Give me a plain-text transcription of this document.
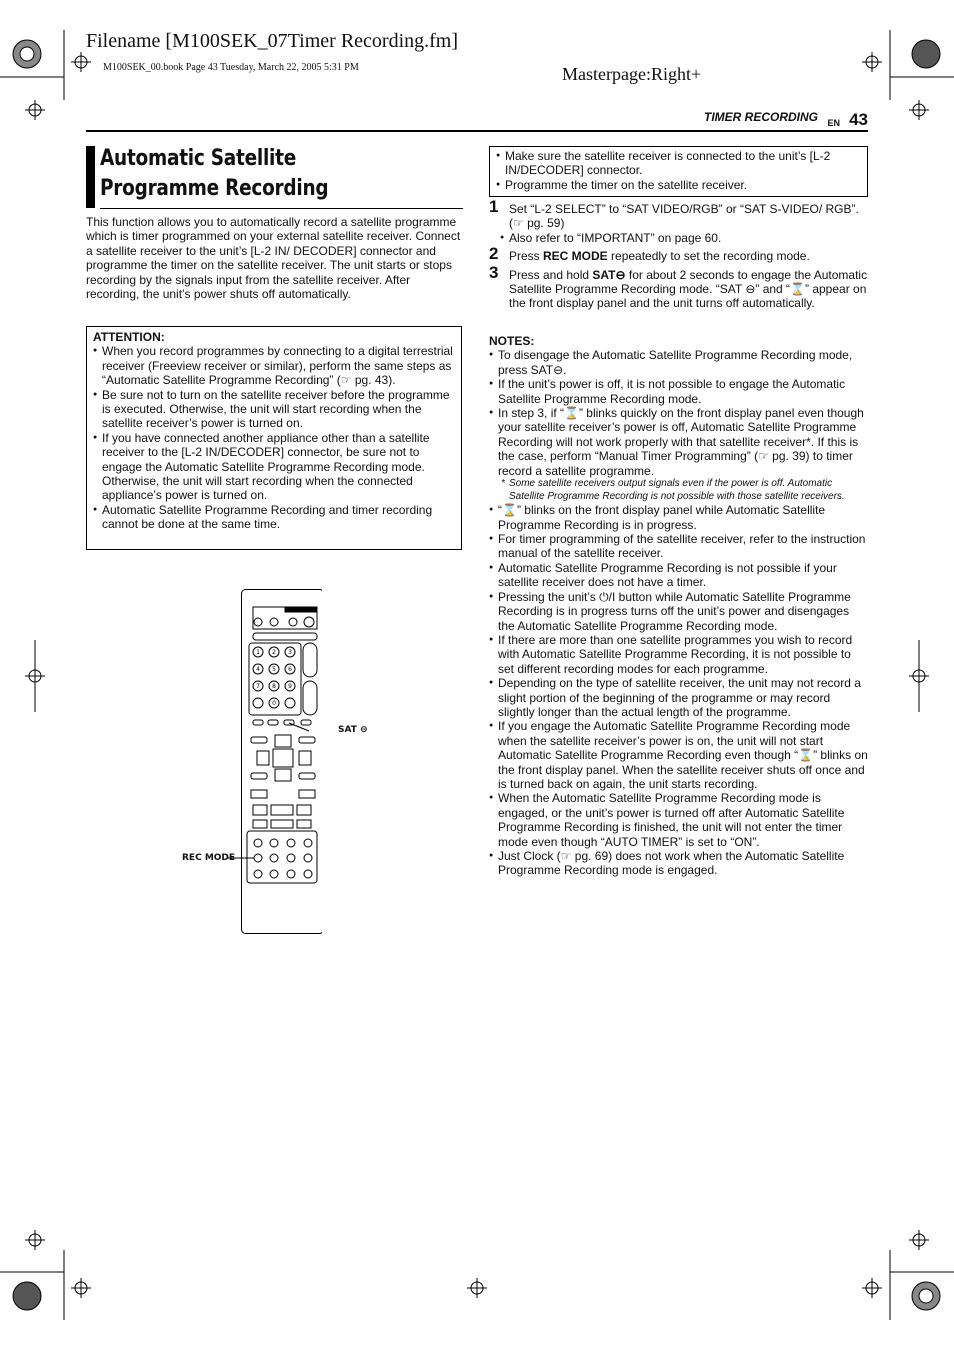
Filename [M100SEK_07Timer Recording.fm]
M100SEK_00.book Page 43 Tuesday, March 22, 2005 5:31 PM	Masterpage:Right+
TIMER RECORDING EN 43
Automatic Satellite Programme Recording
This function allows you to automatically record a satellite programme which is timer programmed on your external satellite receiver. Connect a satellite receiver to the unit’s [L-2 IN/ DECODER] connector and programme the timer on the satellite receiver. The unit starts or stops recording by the signals input from the satellite receiver. After recording, the unit’s power shuts off automatically.
ATTENTION:
● When you record programmes by connecting to a digital terrestrial receiver (Freeview receiver or similar), perform the same steps as “Automatic Satellite Programme Recording” (☞ pg. 43).
● Be sure not to turn on the satellite receiver before the programme is executed. Otherwise, the unit will start recording when the satellite receiver’s power is turned on.
● If you have connected another appliance other than a satellite receiver to the [L-2 IN/DECODER] connector, be sure not to engage the Automatic Satellite Programme Recording mode. Otherwise, the unit will start recording when the connected appliance’s power is turned on.
● Automatic Satellite Programme Recording and timer recording cannot be done at the same time.
1 2 3
4 5 6
7 8 9
0
SAT ⊖
REC MODE
● Make sure the satellite receiver is connected to the unit’s [L-2 IN/DECODER] connector.
● Programme the timer on the satellite receiver.
1 Set “L-2 SELECT” to “SAT VIDEO/RGB” or “SAT S-VIDEO/ RGB”. (☞ pg. 59)
● Also refer to “IMPORTANT” on page 60.
2 Press REC MODE repeatedly to set the recording mode.
3 Press and hold SAT⊖ for about 2 seconds to engage the Automatic Satellite Programme Recording mode. “SAT ⊖” and “⌛” appear on the front display panel and the unit turns off automatically.
NOTES:
● To disengage the Automatic Satellite Programme Recording mode, press SAT⊖.
● If the unit’s power is off, it is not possible to engage the Automatic Satellite Programme Recording mode.
● In step 3, if “⌛” blinks quickly on the front display panel even though your satellite receiver’s power is off, Automatic Satellite Programme Recording will not work properly with that satellite receiver*. If this is the case, perform “Manual Timer Programming” (☞ pg. 39) to timer record a satellite programme.
* Some satellite receivers output signals even if the power is off. Automatic Satellite Programme Recording is not possible with those satellite receivers.
● “⌛” blinks on the front display panel while Automatic Satellite Programme Recording is in progress.
● For timer programming of the satellite receiver, refer to the instruction manual of the satellite receiver.
● Automatic Satellite Programme Recording is not possible if your satellite receiver does not have a timer.
● Pressing the unit’s ⏻/I button while Automatic Satellite Programme Recording is in progress turns off the unit’s power and disengages the Automatic Satellite Programme Recording mode.
● If there are more than one satellite programmes you wish to record with Automatic Satellite Programme Recording, it is not possible to set different recording modes for each programme.
● Depending on the type of satellite receiver, the unit may not record a slight portion of the beginning of the programme or may record slightly longer than the actual length of the programme.
● If you engage the Automatic Satellite Programme Recording mode when the satellite receiver’s power is on, the unit will not start Automatic Satellite Programme Recording even though “⌛” blinks on the front display panel. When the satellite receiver shuts off once and is turned back on again, the unit starts recording.
● When the Automatic Satellite Programme Recording mode is engaged, or the unit’s power is turned off after Automatic Satellite Programme Recording is finished, the unit will not enter the timer mode even though “AUTO TIMER” is set to “ON”.
● Just Clock (☞ pg. 69) does not work when the Automatic Satellite Programme Recording mode is engaged.
